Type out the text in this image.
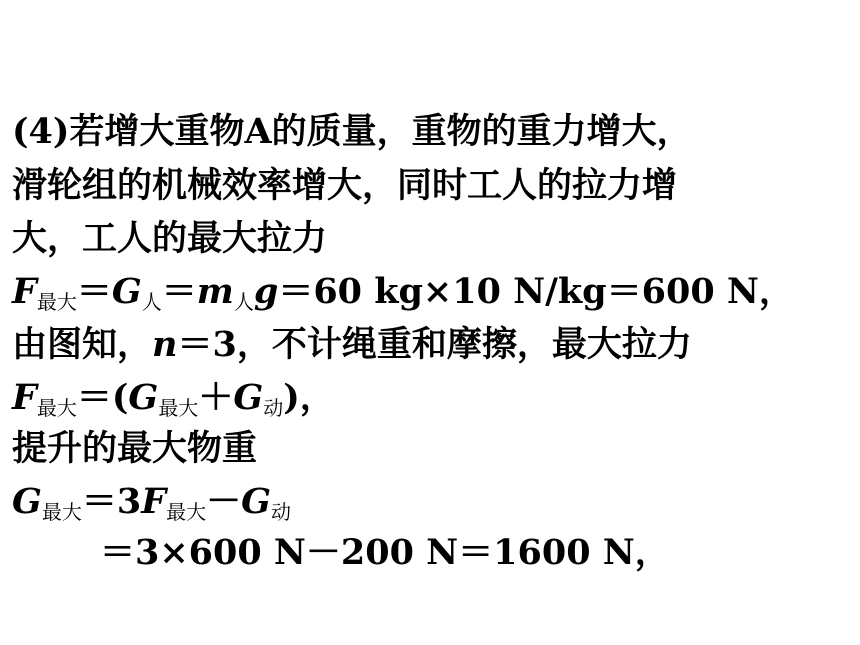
(4)若增大重物A的质量，重物的重力增大，
滑轮组的机械效率增大，同时工人的拉力增
大，工人的最大拉力
$F_{最大}=G_人=m_人g=60$ kg×10 N/kg＝600 N，
由图知，n＝3，不计绳重和摩擦，最大拉力
$F_{最大}=(G_{最大}+G_动)$，
提升的最大物重
$G_{最大}=3F_{最大}-G_动$
＝3×600 N－200 N＝1600 N，
